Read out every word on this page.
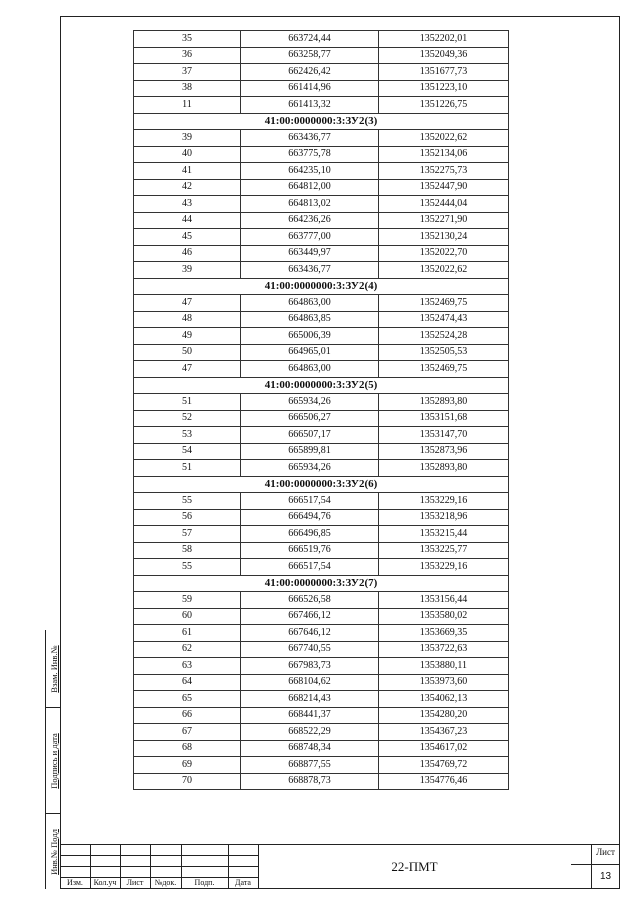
Взам. Инв.№
Подпись и дата
Инв.№ Подл
35	663724,44	1352202,01
36	663258,77	1352049,36
37	662426,42	1351677,73
38	661414,96	1351223,10
11	661413,32	1351226,75
41:00:0000000:3:ЗУ2(3)		
39	663436,77	1352022,62
40	663775,78	1352134,06
41	664235,10	1352275,73
42	664812,00	1352447,90
43	664813,02	1352444,04
44	664236,26	1352271,90
45	663777,00	1352130,24
46	663449,97	1352022,70
39	663436,77	1352022,62
41:00:0000000:3:ЗУ2(4)		
47	664863,00	1352469,75
48	664863,85	1352474,43
49	665006,39	1352524,28
50	664965,01	1352505,53
47	664863,00	1352469,75
41:00:0000000:3:ЗУ2(5)		
51	665934,26	1352893,80
52	666506,27	1353151,68
53	666507,17	1353147,70
54	665899,81	1352873,96
51	665934,26	1352893,80
41:00:0000000:3:ЗУ2(6)		
55	666517,54	1353229,16
56	666494,76	1353218,96
57	666496,85	1353215,44
58	666519,76	1353225,77
55	666517,54	1353229,16
41:00:0000000:3:ЗУ2(7)		
59	666526,58	1353156,44
60	667466,12	1353580,02
61	667646,12	1353669,35
62	667740,55	1353722,63
63	667983,73	1353880,11
64	668104,62	1353973,60
65	668214,43	1354062,13
66	668441,37	1354280,20
67	668522,29	1354367,23
68	668748,34	1354617,02
69	668877,55	1354769,72
70	668878,73	1354776,46
Изм.	Кол.уч	Лист	№док.	Подп.	Дата
22-ПМТ
Лист
13
